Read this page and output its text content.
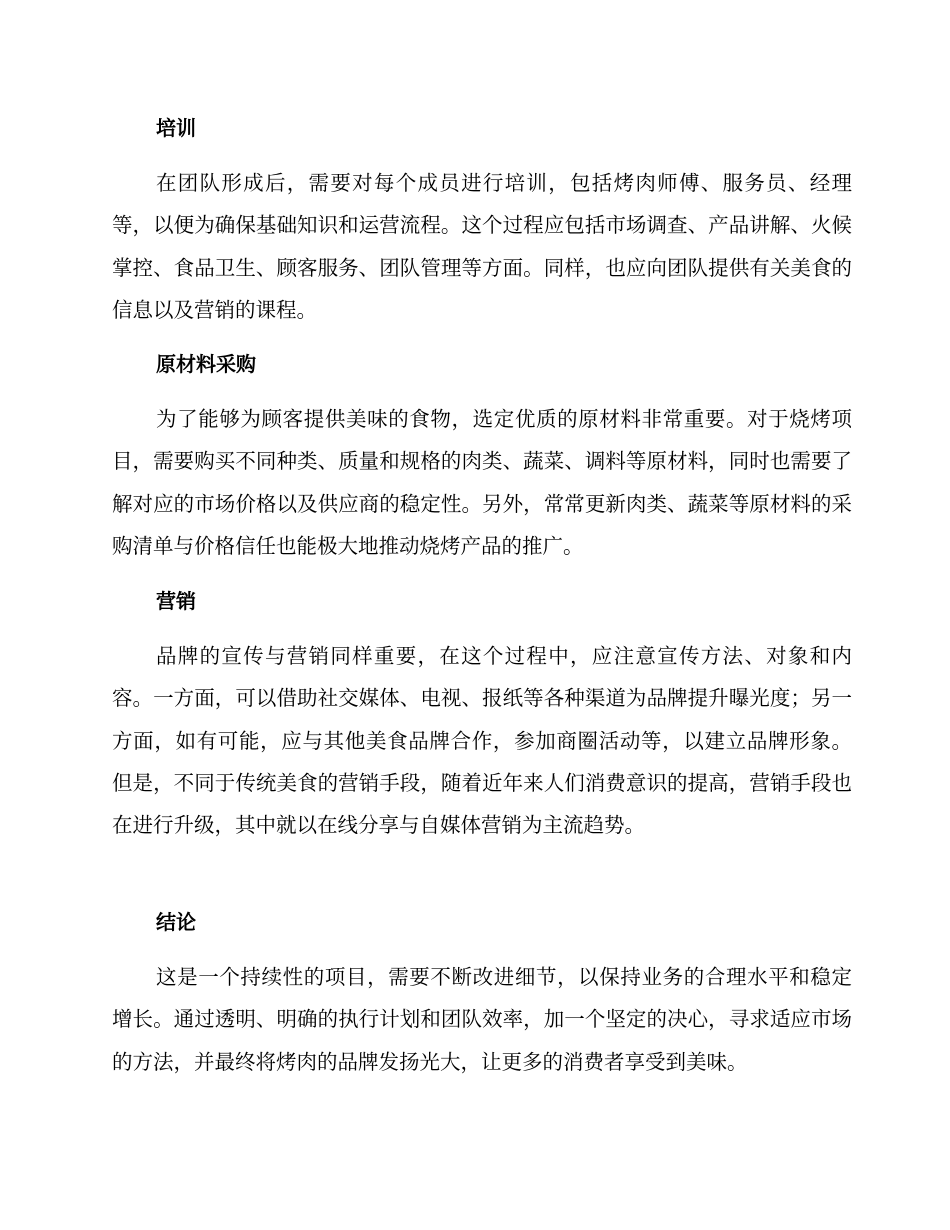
培训

在团队形成后，需要对每个成员进行培训，包括烤肉师傅、服务员、经理等，以便为确保基础知识和运营流程。这个过程应包括市场调查、产品讲解、火候掌控、食品卫生、顾客服务、团队管理等方面。同样，也应向团队提供有关美食的信息以及营销的课程。

原材料采购

为了能够为顾客提供美味的食物，选定优质的原材料非常重要。对于烧烤项目，需要购买不同种类、质量和规格的肉类、蔬菜、调料等原材料，同时也需要了解对应的市场价格以及供应商的稳定性。另外，常常更新肉类、蔬菜等原材料的采购清单与价格信任也能极大地推动烧烤产品的推广。

营销

品牌的宣传与营销同样重要，在这个过程中，应注意宣传方法、对象和内容。一方面，可以借助社交媒体、电视、报纸等各种渠道为品牌提升曝光度；另一方面，如有可能，应与其他美食品牌合作，参加商圈活动等，以建立品牌形象。 但是，不同于传统美食的营销手段，随着近年来人们消费意识的提高，营销手段也在进行升级，其中就以在线分享与自媒体营销为主流趋势。

结论

这是一个持续性的项目，需要不断改进细节，以保持业务的合理水平和稳定增长。通过透明、明确的执行计划和团队效率，加一个坚定的决心，寻求适应市场的方法，并最终将烤肉的品牌发扬光大，让更多的消费者享受到美味。
